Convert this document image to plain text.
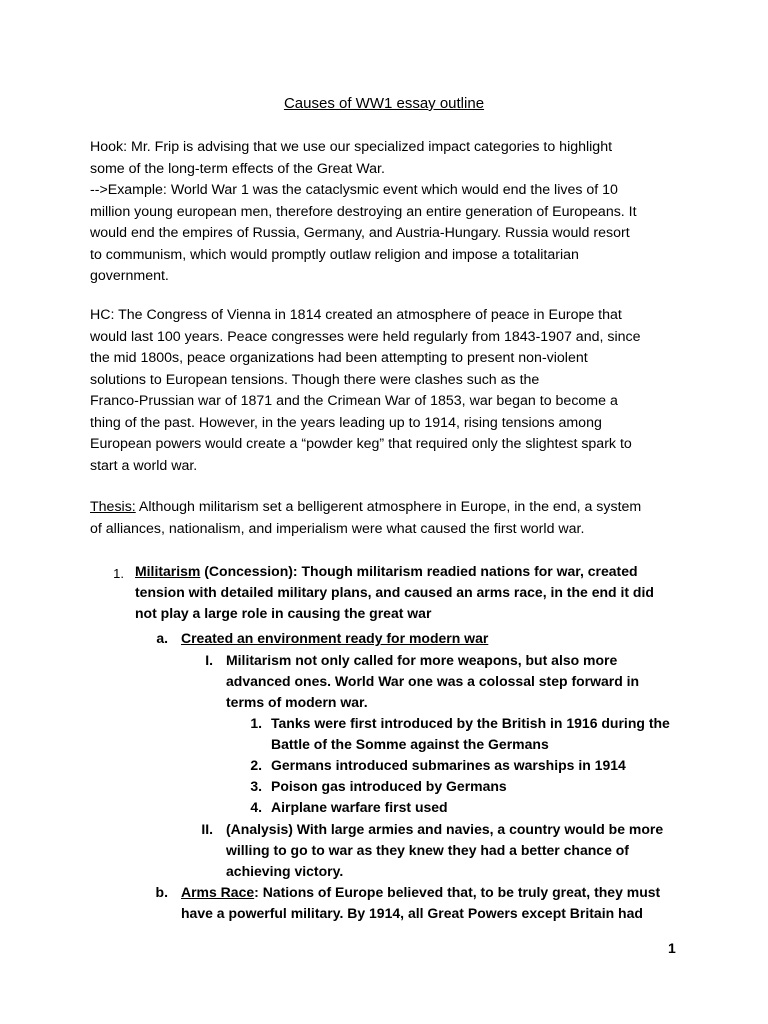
Causes of WW1 essay outline
Hook: Mr. Frip is advising that we use our specialized impact categories to highlight
some of the long-term effects of the Great War.
-->Example: World War 1 was the cataclysmic event which would end the lives of 10
million young european men, therefore destroying an entire generation of Europeans. It
would end the empires of Russia, Germany, and Austria-Hungary. Russia would resort
to communism, which would promptly outlaw religion and impose a totalitarian
government.
HC: The Congress of Vienna in 1814 created an atmosphere of peace in Europe that
would last 100 years. Peace congresses were held regularly from 1843-1907 and, since
the mid 1800s, peace organizations had been attempting to present non-violent
solutions to European tensions. Though there were clashes such as the
Franco-Prussian war of 1871 and the Crimean War of 1853, war began to become a
thing of the past. However, in the years leading up to 1914, rising tensions among
European powers would create a “powder keg” that required only the slightest spark to
start a world war.
Thesis: Although militarism set a belligerent atmosphere in Europe, in the end, a system
of alliances, nationalism, and imperialism were what caused the first world war.
1. Militarism (Concession): Though militarism readied nations for war, created
tension with detailed military plans, and caused an arms race, in the end it did
not play a large role in causing the great war
a. Created an environment ready for modern war
I. Militarism not only called for more weapons, but also more
advanced ones. World War one was a colossal step forward in
terms of modern war.
1. Tanks were first introduced by the British in 1916 during the
Battle of the Somme against the Germans
2. Germans introduced submarines as warships in 1914
3. Poison gas introduced by Germans
4. Airplane warfare first used
II. (Analysis) With large armies and navies, a country would be more
willing to go to war as they knew they had a better chance of
achieving victory.
b. Arms Race: Nations of Europe believed that, to be truly great, they must
have a powerful military. By 1914, all Great Powers except Britain had
1
